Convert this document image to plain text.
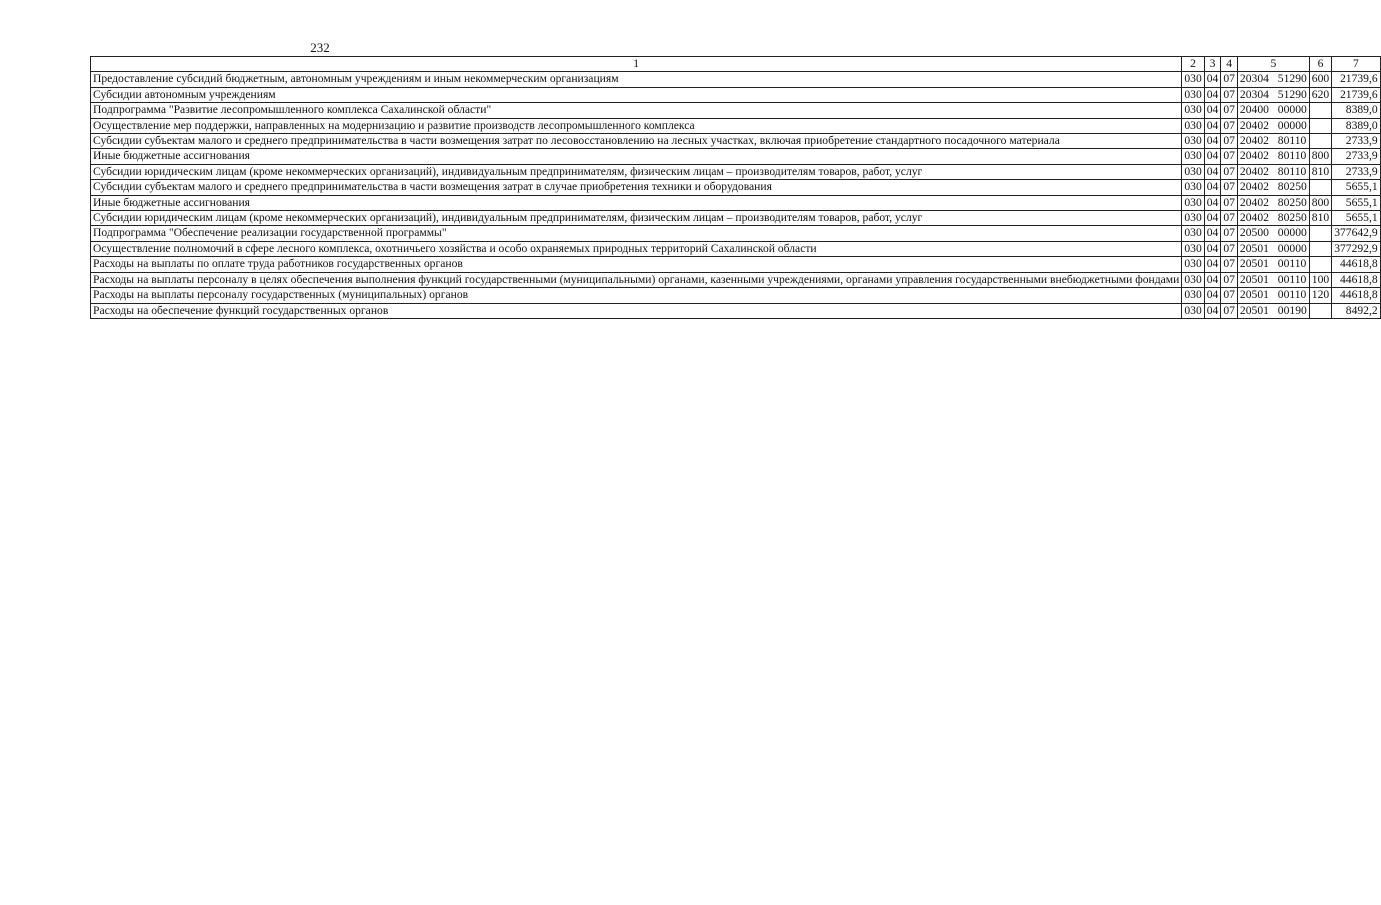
232
1	2	3	4	5	6	7
Предоставление субсидий бюджетным, автономным учреждениям и иным некоммерческим организациям	030	04	07	20304 51290	600	21739,6
Субсидии автономным учреждениям	030	04	07	20304 51290	620	21739,6
Подпрограмма "Развитие лесопромышленного комплекса Сахалинской области"	030	04	07	20400 00000		8389,0
Осуществление мер поддержки, направленных на модернизацию и развитие производств лесопромышленного комплекса	030	04	07	20402 00000		8389,0
Субсидии субъектам малого и среднего предпринимательства в части возмещения затрат по лесовосстановлению на лесных участках, включая приобретение стандартного посадочного материала	030	04	07	20402 80110		2733,9
Иные бюджетные ассигнования	030	04	07	20402 80110	800	2733,9
Субсидии юридическим лицам (кроме некоммерческих организаций), индивидуальным предпринимателям, физическим лицам – производителям товаров, работ, услуг	030	04	07	20402 80110	810	2733,9
Субсидии субъектам малого и среднего предпринимательства в части возмещения затрат в случае приобретения техники и оборудования	030	04	07	20402 80250		5655,1
Иные бюджетные ассигнования	030	04	07	20402 80250	800	5655,1
Субсидии юридическим лицам (кроме некоммерческих организаций), индивидуальным предпринимателям, физическим лицам – производителям товаров, работ, услуг	030	04	07	20402 80250	810	5655,1
Подпрограмма "Обеспечение реализации государственной программы"	030	04	07	20500 00000		377642,9
Осуществление полномочий в сфере лесного комплекса, охотничьего хозяйства и особо охраняемых природных территорий Сахалинской области	030	04	07	20501 00000		377292,9
Расходы на выплаты по оплате труда работников государственных органов	030	04	07	20501 00110		44618,8
Расходы на выплаты персоналу в целях обеспечения выполнения функций государственными (муниципальными) органами, казенными учреждениями, органами управления государственными внебюджетными фондами	030	04	07	20501 00110	100	44618,8
Расходы на выплаты персоналу государственных (муниципальных) органов	030	04	07	20501 00110	120	44618,8
Расходы на обеспечение функций государственных органов	030	04	07	20501 00190		8492,2
